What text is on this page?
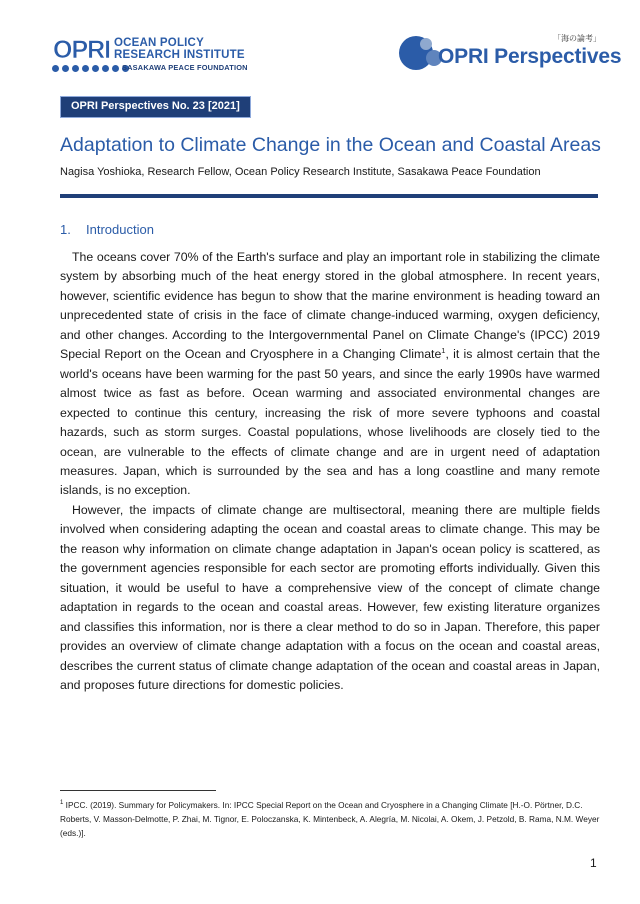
OPRI OCEAN POLICY
RESEARCH INSTITUTE
SASAKAWA PEACE FOUNDATION
「海の論考」
OPRI Perspectives
OPRI Perspectives No. 23 [2021]
Adaptation to Climate Change in the Ocean and Coastal Areas
Nagisa Yoshioka, Research Fellow, Ocean Policy Research Institute, Sasakawa Peace Foundation
1. Introduction

The oceans cover 70% of the Earth's surface and play an important role in stabilizing the climate system by absorbing much of the heat energy stored in the global atmosphere. In recent years, however, scientific evidence has begun to show that the marine environment is heading toward an unprecedented state of crisis in the face of climate change-induced warming, oxygen deficiency, and other changes. According to the Intergovernmental Panel on Climate Change's (IPCC) 2019 Special Report on the Ocean and Cryosphere in a Changing Climate$^1$, it is almost certain that the world's oceans have been warming for the past 50 years, and since the early 1990s have warmed almost twice as fast as before. Ocean warming and associated environmental changes are expected to continue this century, increasing the risk of more severe typhoons and coastal hazards, such as storm surges. Coastal populations, whose livelihoods are closely tied to the ocean, are vulnerable to the effects of climate change and are in urgent need of adaptation measures. Japan, which is surrounded by the sea and has a long coastline and many remote islands, is no exception.

However, the impacts of climate change are multisectoral, meaning there are multiple fields involved when considering adapting the ocean and coastal areas to climate change. This may be the reason why information on climate change adaptation in Japan's ocean policy is scattered, as the government agencies responsible for each sector are promoting efforts individually. Given this situation, it would be useful to have a comprehensive view of the concept of climate change adaptation in regards to the ocean and coastal areas. However, few existing literature organizes and classifies this information, nor is there a clear method to do so in Japan. Therefore, this paper provides an overview of climate change adaptation with a focus on the ocean and coastal areas, describes the current status of climate change adaptation of the ocean and coastal areas in Japan, and proposes future directions for domestic policies.

$^1$ IPCC. (2019). Summary for Policymakers. In: IPCC Special Report on the Ocean and Cryosphere in a Changing Climate [H.-O. Pörtner, D.C. Roberts, V. Masson-Delmotte, P. Zhai, M. Tignor, E. Poloczanska, K. Mintenbeck, A. Alegría, M. Nicolai, A. Okem, J. Petzold, B. Rama, N.M. Weyer (eds.)].
1
